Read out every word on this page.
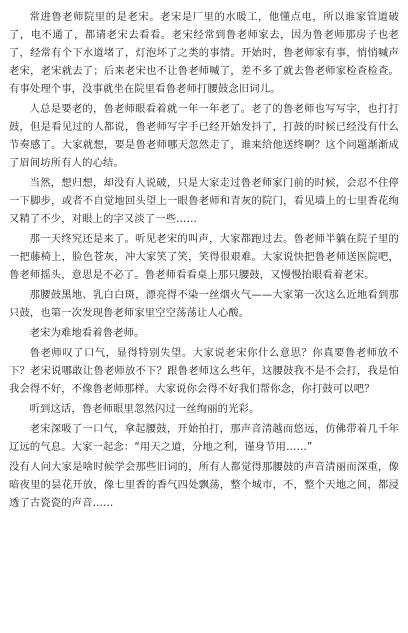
常进鲁老师院里的是老宋。老宋是厂里的水暖工，他懂点电，所以谁家管道破了，电不通了，都请老宋去看看。老宋经常到鲁老师家去，因为鲁老师那房子也老了，经常有个下水道堵了，灯泡坏了之类的事情。开始时，鲁老师家有事，悄悄喊声老宋，老宋就去了；后来老宋也不让鲁老师喊了，差不多了就去鲁老师家检查检查。有事处理个事，没事就坐在院里看鲁老师打腰鼓念旧词儿。

人总是要老的，鲁老师眼看着就一年一年老了。老了的鲁老师也写写字，也打打鼓，但是看见过的人都说，鲁老师写字手已经开始发抖了，打鼓的时候已经没有什么节奏感了。大家就想，要是鲁老师哪天忽然走了，谁来给他送终啊？这个问题渐渐成了眉间坊所有人的心结。

当然，想归想，却没有人说破，只是大家走过鲁老师家门前的时候，会忍不住停一下脚步，或者不自觉地回头望上一眼鲁老师和青灰的院门，看见墙上的七里香花绚又精了不少，对眼上的字又淡了一些……

那一天终究还是来了。听见老宋的叫声，大家都跑过去。鲁老师半躺在院子里的一把藤椅上，脸色苍灰，冲大家笑了笑，笑得很艰难。大家说快把鲁老师送医院吧，鲁老师摇头，意思是不必了。鲁老师看看桌上那只腰鼓，又慢慢抬眼看着老宋。

那腰鼓黑地、乳白白斑，漂亮得不染一丝烟火气——大家第一次这么近地看到那只鼓，也第一次发现鲁老师家里空空荡荡让人心酸。

老宋为难地看着鲁老师。

鲁老师叹了口气，显得特别失望。大家说老宋你什么意思？你真要鲁老师放不下？老宋说哪敢让鲁老师放不下？跟鲁老师这么些年，这腰鼓我不是不会打，我是怕我会得不好，不像鲁老师那样。大家说你会得不好我们帮你念，你打鼓可以吧？

听到这话，鲁老师眼里忽然闪过一丝绚丽的光彩。

老宋深吸了一口气，拿起腰鼓，开始拍打，那声音清越而悠远，仿佛带着几千年辽远的气息。大家一起念：“用天之道，分地之利，谨身节用……”

没有人问大家是啥时候学会那些旧词的，所有人都觉得那腰鼓的声音清丽而深重，像暗夜里的昙花开放，像七里香的香气四处飘荡，整个城市，不，整个天地之间，都浸透了古瓷瓷的声音……
